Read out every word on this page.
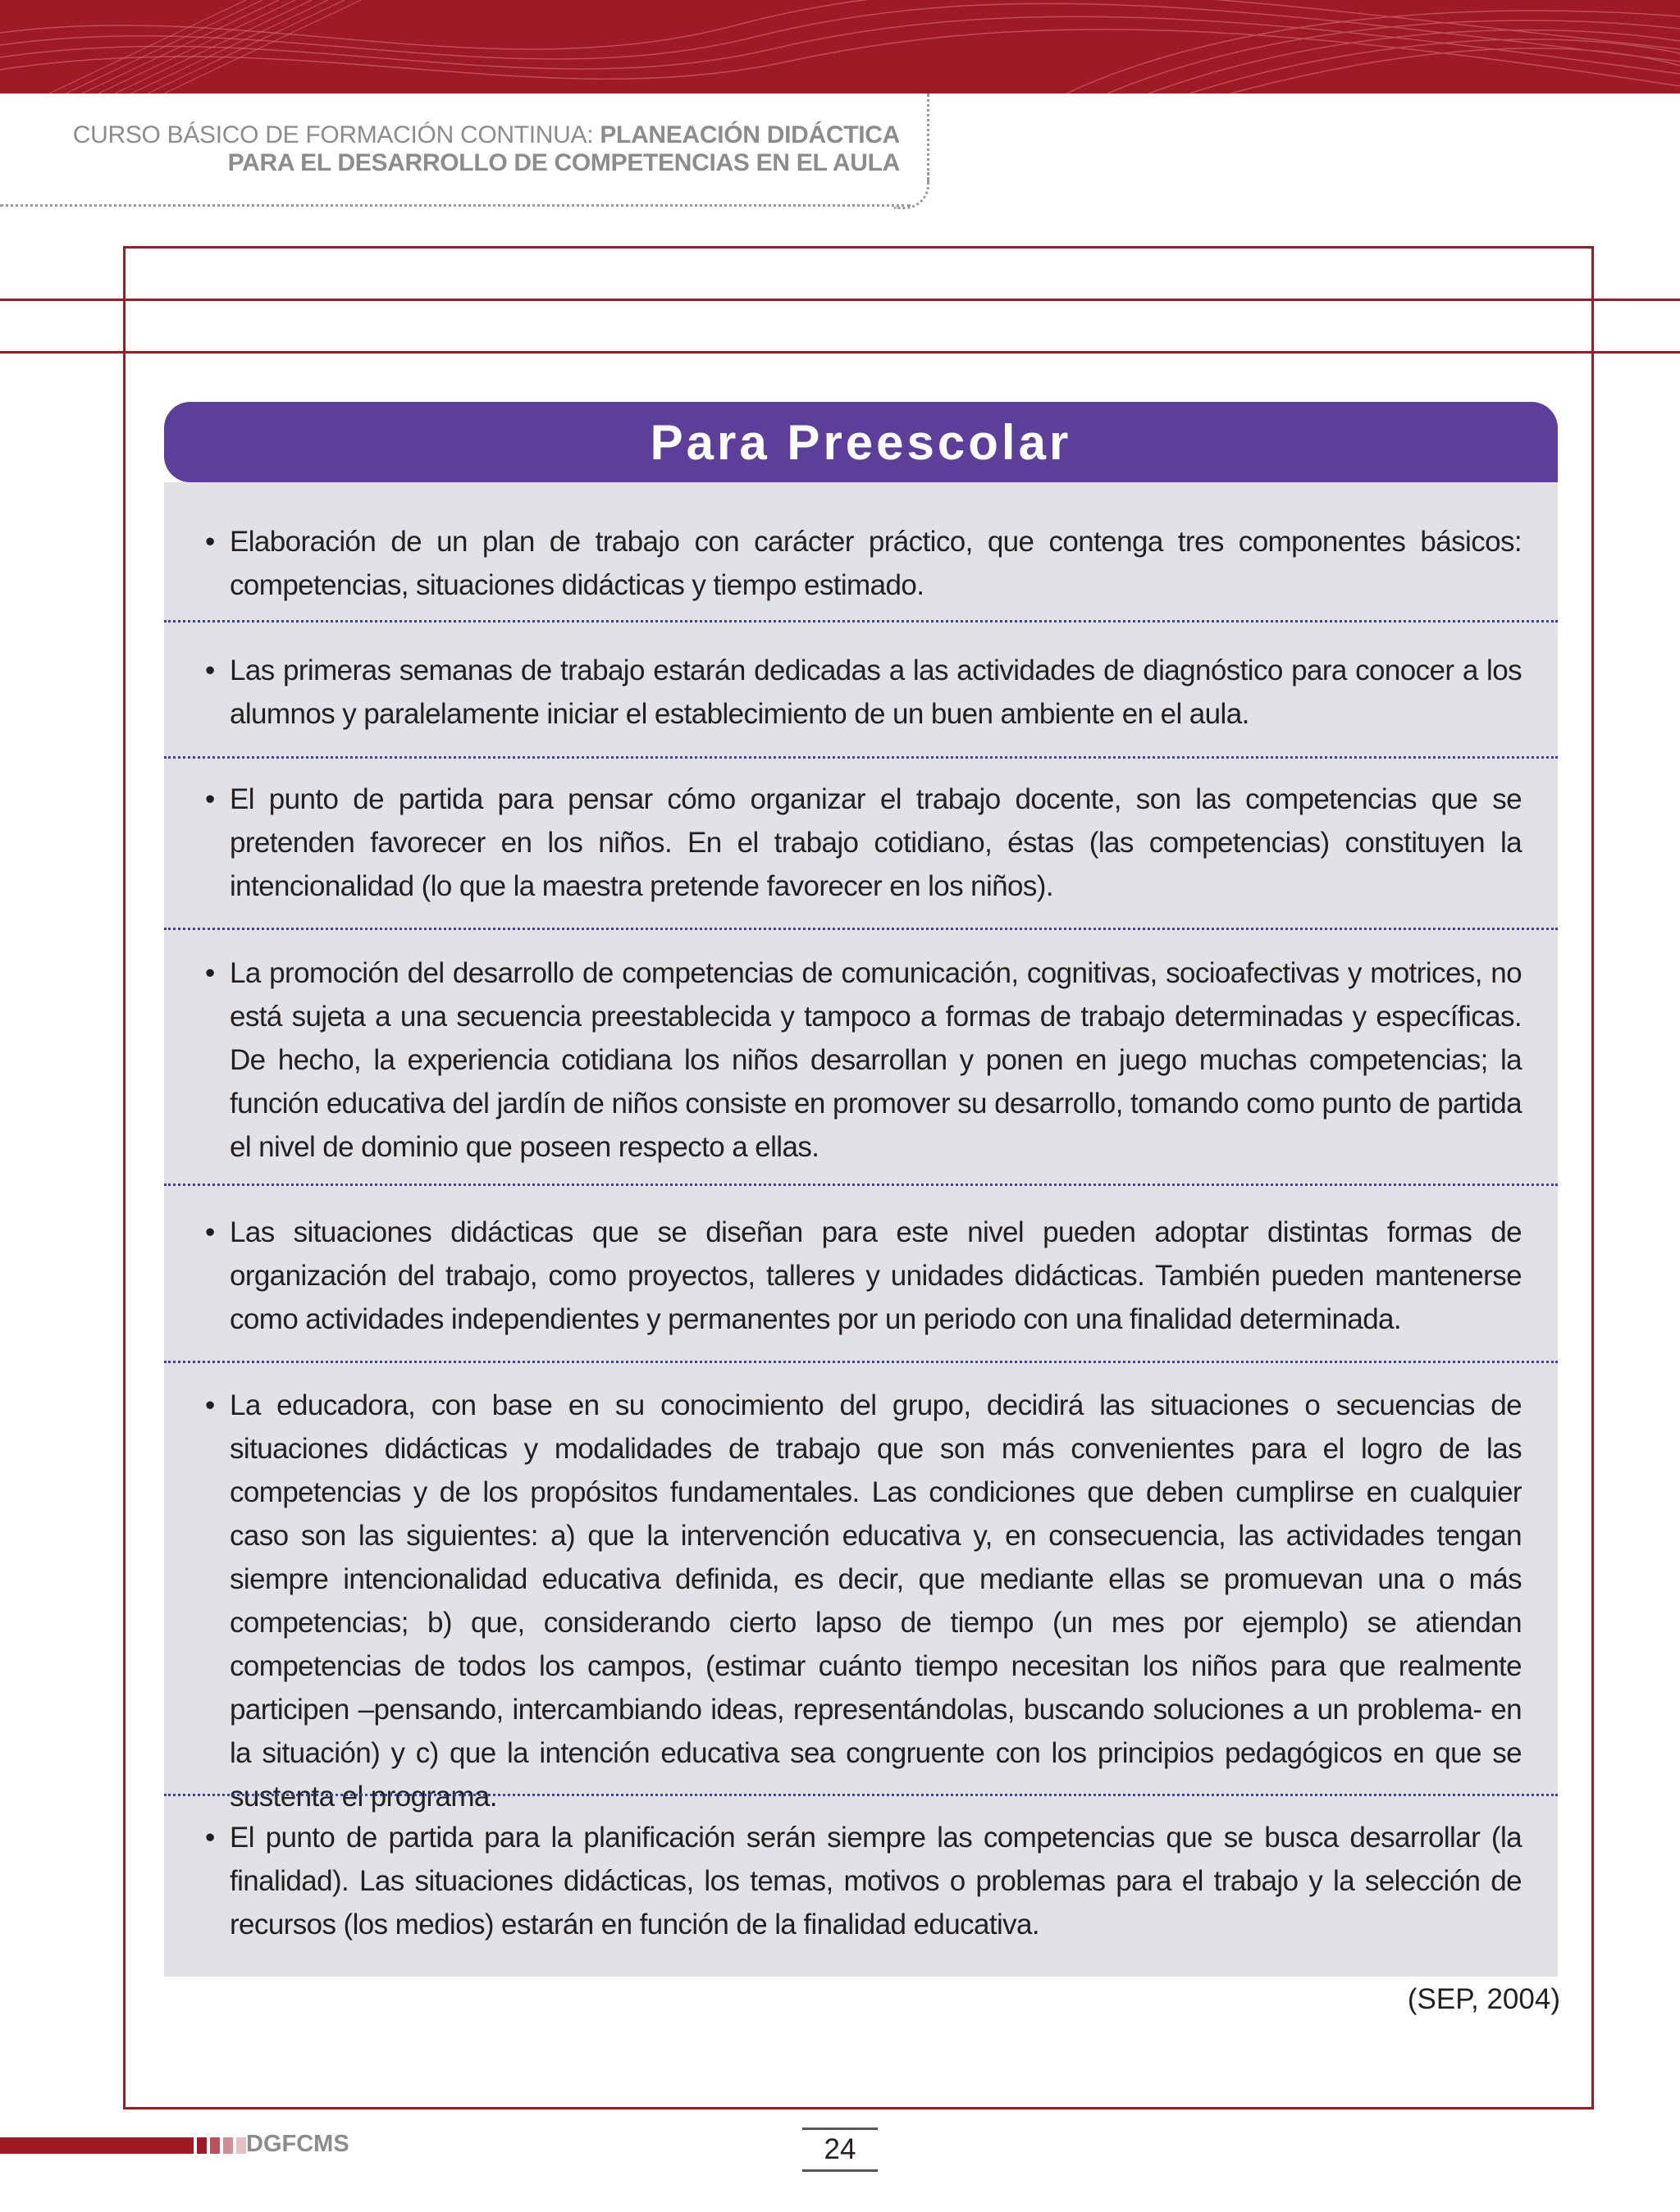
CURSO BÁSICO DE FORMACIÓN CONTINUA: PLANEACIÓN DIDÁCTICA
PARA EL DESARROLLO DE COMPETENCIAS EN EL AULA
Para Preescolar
• Elaboración de un plan de trabajo con carácter práctico, que contenga tres componentes básicos: competencias, situaciones didácticas y tiempo estimado.
• Las primeras semanas de trabajo estarán dedicadas a las actividades de diagnóstico para conocer a los alumnos y paralelamente iniciar el establecimiento de un buen ambiente en el aula.
• El punto de partida para pensar cómo organizar el trabajo docente, son las competencias que se pretenden favorecer en los niños. En el trabajo cotidiano, éstas (las competencias) constituyen la intencionalidad (lo que la maestra pretende favorecer en los niños).
• La promoción del desarrollo de competencias de comunicación, cognitivas, socioafectivas y motrices, no está sujeta a una secuencia preestablecida y tampoco a formas de trabajo determinadas y específicas. De hecho, la experiencia cotidiana los niños desarrollan y ponen en juego muchas competencias; la función educativa del jardín de niños consiste en promover su desarrollo, tomando como punto de partida el nivel de dominio que poseen respecto a ellas.
• Las situaciones didácticas que se diseñan para este nivel pueden adoptar distintas formas de organización del trabajo, como proyectos, talleres y unidades didácticas. También pueden mantenerse como actividades independientes y permanentes por un periodo con una finalidad determinada.
• La educadora, con base en su conocimiento del grupo, decidirá las situaciones o secuencias de situaciones didácticas y modalidades de trabajo que son más convenientes para el logro de las competencias y de los propósitos fundamentales. Las condiciones que deben cumplirse en cualquier caso son las siguientes: a) que la intervención educativa y, en consecuencia, las actividades tengan siempre intencionalidad educativa definida, es decir, que mediante ellas se promuevan una o más competencias; b) que, considerando cierto lapso de tiempo (un mes por ejemplo) se atiendan competencias de todos los campos, (estimar cuánto tiempo necesitan los niños para que realmente participen –pensando, intercambiando ideas, representándolas, buscando soluciones a un problema- en la situación) y c) que la intención educativa sea congruente con los principios pedagógicos en que se sustenta el programa.
• El punto de partida para la planificación serán siempre las competencias que se busca desarrollar (la finalidad). Las situaciones didácticas, los temas, motivos o problemas para el trabajo y la selección de recursos (los medios) estarán en función de la finalidad educativa.
(SEP, 2004)
DGFCMS	24
